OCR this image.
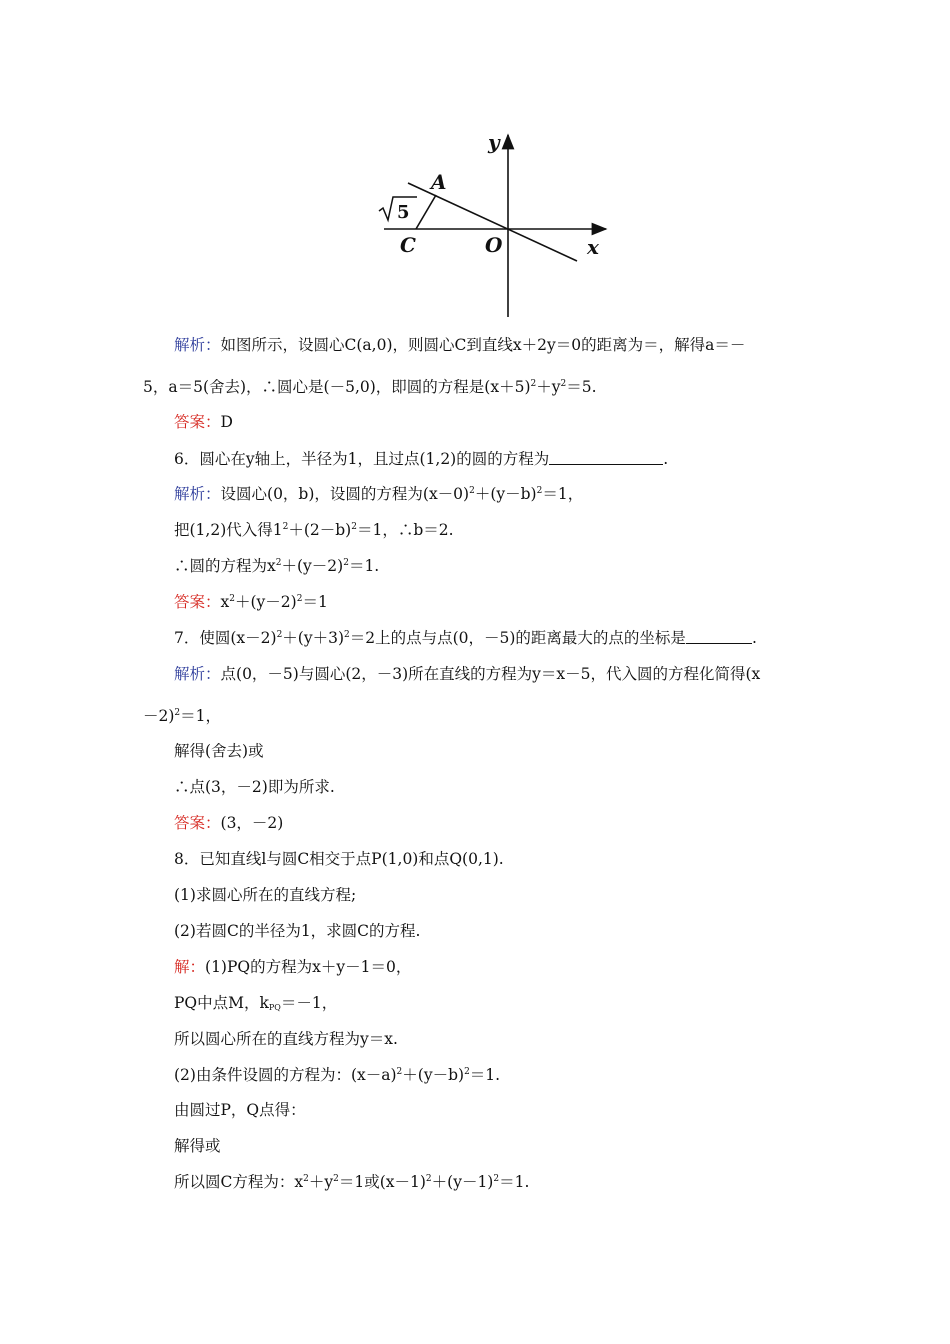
5
y
A
C	O	x
解析：如图所示，设圆心C(a,0)，则圆心C到直线x＋2y＝0的距离为＝，解得a＝－
5，a＝5(舍去)，∴圆心是(－5,0)，即圆的方程是$(x+5)^2+y^2=5$.
答案：D
6．圆心在y轴上，半径为1，且过点(1,2)的圆的方程为	.
解析：设圆心(0，b)，设圆的方程为$(x-0)^2+(y-b)^2=1$，
把(1,2)代入得$1^2+(2-b)^2=1$，∴b＝2.
∴圆的方程为$x^2+(y-2)^2=1$.
答案：$x^2+(y-2)^2=1$
7．使圆$(x-2)^2+(y+3)^2=2$上的点与点(0，－5)的距离最大的点的坐标是	.
解析：点(0，－5)与圆心(2，－3)所在直线的方程为y＝x－5，代入圆的方程化简得(x
－2)$^2$＝1，
解得(舍去)或
∴点(3，－2)即为所求.
答案：(3，－2)
8．已知直线l与圆C相交于点P(1,0)和点Q(0,1).
(1)求圆心所在的直线方程;
(2)若圆C的半径为1，求圆C的方程.
解：(1)PQ的方程为x＋y－1＝0，
PQ中点M，$k_{PQ}=-1$，
所以圆心所在的直线方程为y＝x.
(2)由条件设圆的方程为：$(x-a)^2+(y-b)^2=1$.
由圆过P，Q点得：
解得或
所以圆C方程为：$x^2+y^2=1$或$(x-1)^2+(y-1)^2=1$.
